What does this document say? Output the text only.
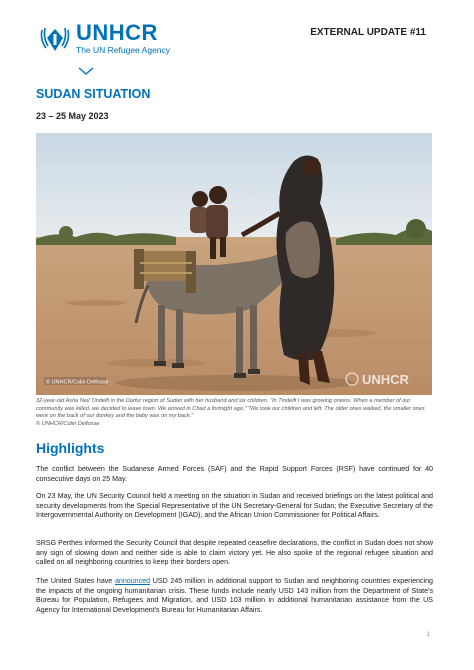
UNHCR
The UN Refugee Agency
EXTERNAL UPDATE #11
SUDAN SITUATION
23 – 25 May 2023
© UNHCR/Colin Delfosse	UNHCR
32-year-old Asha Neil Tindelfi in the Darfur region of Sudan with her husband and six children. "In Tindelfi I was growing onions. When a member of our community was killed, we decided to leave town. We arrived in Chad a fortnight ago." "We took our children and left. The older ones walked, the smaller ones were on the back of our donkey and the baby was on my back."
© UNHCR/Colin Delfosse
Highlights

The conflict between the Sudanese Armed Forces (SAF) and the Rapid Support Forces (RSF) have continued for 40 consecutive days on 25 May.

On 23 May, the UN Security Council held a meeting on the situation in Sudan and received briefings on the latest political and security developments from the Special Representative of the UN Secretary-General for Sudan; the Executive Secretary of the Intergovernmental Authority on Development (IGAD), and the African Union Commissioner for Political Affairs.

SRSG Perthes informed the Security Council that despite repeated ceasefire declarations, the conflict in Sudan does not show any sign of slowing down and neither side is able to claim victory yet. He also spoke of the regional refugee situation and called on all neighboring countries to keep their borders open.

The United States have announced USD 245 million in additional support to Sudan and neighboring countries experiencing the impacts of the ongoing humanitarian crisis. These funds include nearly USD 143 million from the Department of State's Bureau for Population, Refugees and Migration, and USD 103 million in additional humanitarian assistance from the US Agency for International Development's Bureau for Humanitarian Affairs.

1
